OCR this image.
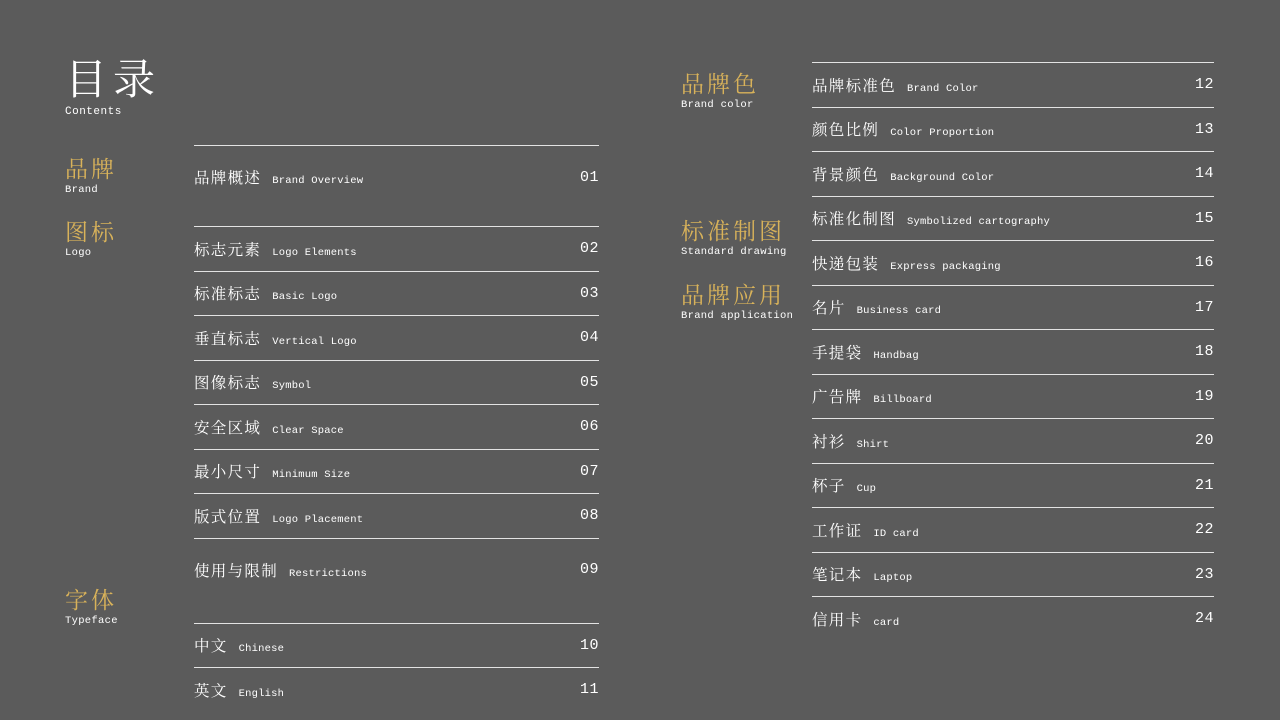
目录
Contents
品牌
Brand
图标
Logo
字体
Typeface
品牌色
Brand color
标准制图
Standard drawing
品牌应用
Brand application
品牌概述 Brand Overview	01
标志元素 Logo Elements	02
标准标志 Basic Logo	03
垂直标志 Vertical Logo	04
图像标志 Symbol	05
安全区域 Clear Space	06
最小尺寸 Minimum Size	07
版式位置 Logo Placement	08
使用与限制 Restrictions	09
中文 Chinese	10
英文 English	11
品牌标准色 Brand Color	12
颜色比例 Color Proportion	13
背景颜色 Background Color	14
标准化制图 Symbolized cartography	15
快递包装 Express packaging	16
名片 Business card	17
手提袋 Handbag	18
广告牌 Billboard	19
衬衫 Shirt	20
杯子 Cup	21
工作证 ID card	22
笔记本 Laptop	23
信用卡 card	24
